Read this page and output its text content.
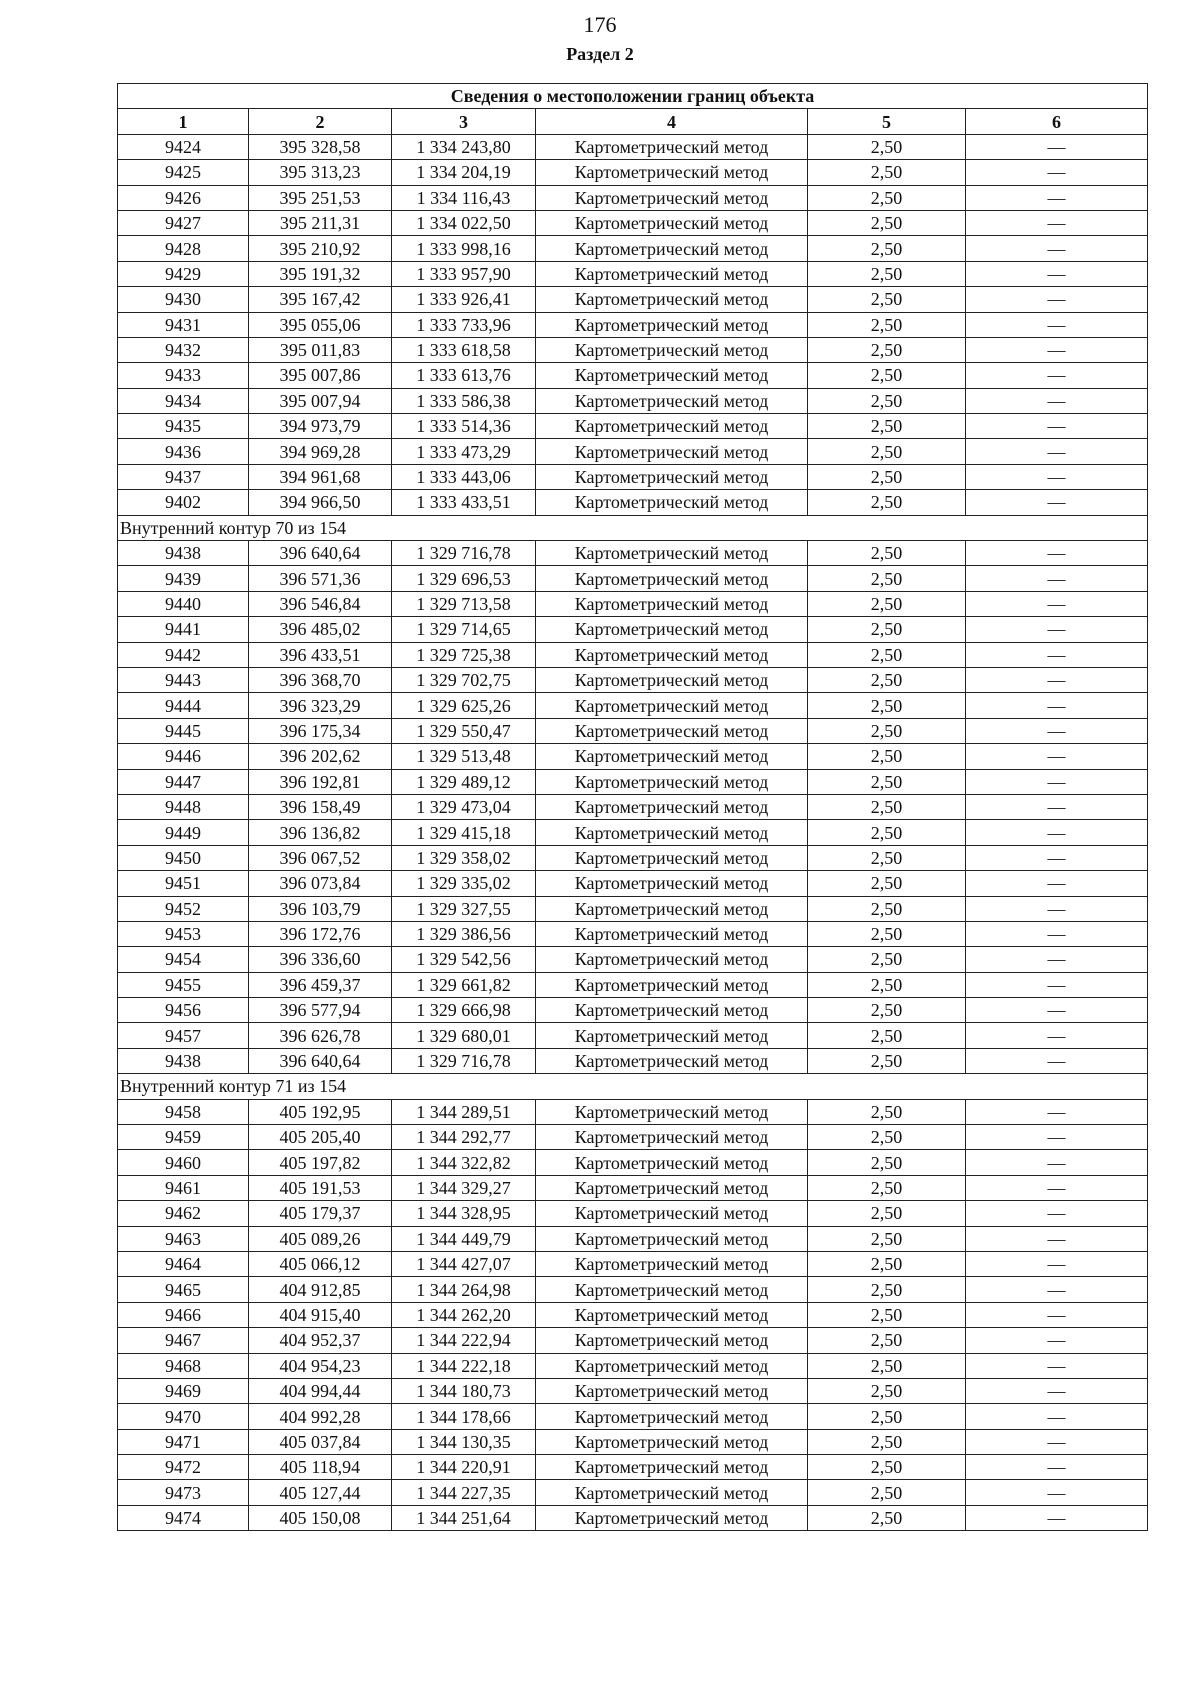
176
Раздел 2
Сведения о местоположении границ объекта					
1	2	3	4	5	6
9424	395 328,58	1 334 243,80	Картометрический метод	2,50	—
9425	395 313,23	1 334 204,19	Картометрический метод	2,50	—
9426	395 251,53	1 334 116,43	Картометрический метод	2,50	—
9427	395 211,31	1 334 022,50	Картометрический метод	2,50	—
9428	395 210,92	1 333 998,16	Картометрический метод	2,50	—
9429	395 191,32	1 333 957,90	Картометрический метод	2,50	—
9430	395 167,42	1 333 926,41	Картометрический метод	2,50	—
9431	395 055,06	1 333 733,96	Картометрический метод	2,50	—
9432	395 011,83	1 333 618,58	Картометрический метод	2,50	—
9433	395 007,86	1 333 613,76	Картометрический метод	2,50	—
9434	395 007,94	1 333 586,38	Картометрический метод	2,50	—
9435	394 973,79	1 333 514,36	Картометрический метод	2,50	—
9436	394 969,28	1 333 473,29	Картометрический метод	2,50	—
9437	394 961,68	1 333 443,06	Картометрический метод	2,50	—
9402	394 966,50	1 333 433,51	Картометрический метод	2,50	—
Внутренний контур 70 из 154					
9438	396 640,64	1 329 716,78	Картометрический метод	2,50	—
9439	396 571,36	1 329 696,53	Картометрический метод	2,50	—
9440	396 546,84	1 329 713,58	Картометрический метод	2,50	—
9441	396 485,02	1 329 714,65	Картометрический метод	2,50	—
9442	396 433,51	1 329 725,38	Картометрический метод	2,50	—
9443	396 368,70	1 329 702,75	Картометрический метод	2,50	—
9444	396 323,29	1 329 625,26	Картометрический метод	2,50	—
9445	396 175,34	1 329 550,47	Картометрический метод	2,50	—
9446	396 202,62	1 329 513,48	Картометрический метод	2,50	—
9447	396 192,81	1 329 489,12	Картометрический метод	2,50	—
9448	396 158,49	1 329 473,04	Картометрический метод	2,50	—
9449	396 136,82	1 329 415,18	Картометрический метод	2,50	—
9450	396 067,52	1 329 358,02	Картометрический метод	2,50	—
9451	396 073,84	1 329 335,02	Картометрический метод	2,50	—
9452	396 103,79	1 329 327,55	Картометрический метод	2,50	—
9453	396 172,76	1 329 386,56	Картометрический метод	2,50	—
9454	396 336,60	1 329 542,56	Картометрический метод	2,50	—
9455	396 459,37	1 329 661,82	Картометрический метод	2,50	—
9456	396 577,94	1 329 666,98	Картометрический метод	2,50	—
9457	396 626,78	1 329 680,01	Картометрический метод	2,50	—
9438	396 640,64	1 329 716,78	Картометрический метод	2,50	—
Внутренний контур 71 из 154					
9458	405 192,95	1 344 289,51	Картометрический метод	2,50	—
9459	405 205,40	1 344 292,77	Картометрический метод	2,50	—
9460	405 197,82	1 344 322,82	Картометрический метод	2,50	—
9461	405 191,53	1 344 329,27	Картометрический метод	2,50	—
9462	405 179,37	1 344 328,95	Картометрический метод	2,50	—
9463	405 089,26	1 344 449,79	Картометрический метод	2,50	—
9464	405 066,12	1 344 427,07	Картометрический метод	2,50	—
9465	404 912,85	1 344 264,98	Картометрический метод	2,50	—
9466	404 915,40	1 344 262,20	Картометрический метод	2,50	—
9467	404 952,37	1 344 222,94	Картометрический метод	2,50	—
9468	404 954,23	1 344 222,18	Картометрический метод	2,50	—
9469	404 994,44	1 344 180,73	Картометрический метод	2,50	—
9470	404 992,28	1 344 178,66	Картометрический метод	2,50	—
9471	405 037,84	1 344 130,35	Картометрический метод	2,50	—
9472	405 118,94	1 344 220,91	Картометрический метод	2,50	—
9473	405 127,44	1 344 227,35	Картометрический метод	2,50	—
9474	405 150,08	1 344 251,64	Картометрический метод	2,50	—
